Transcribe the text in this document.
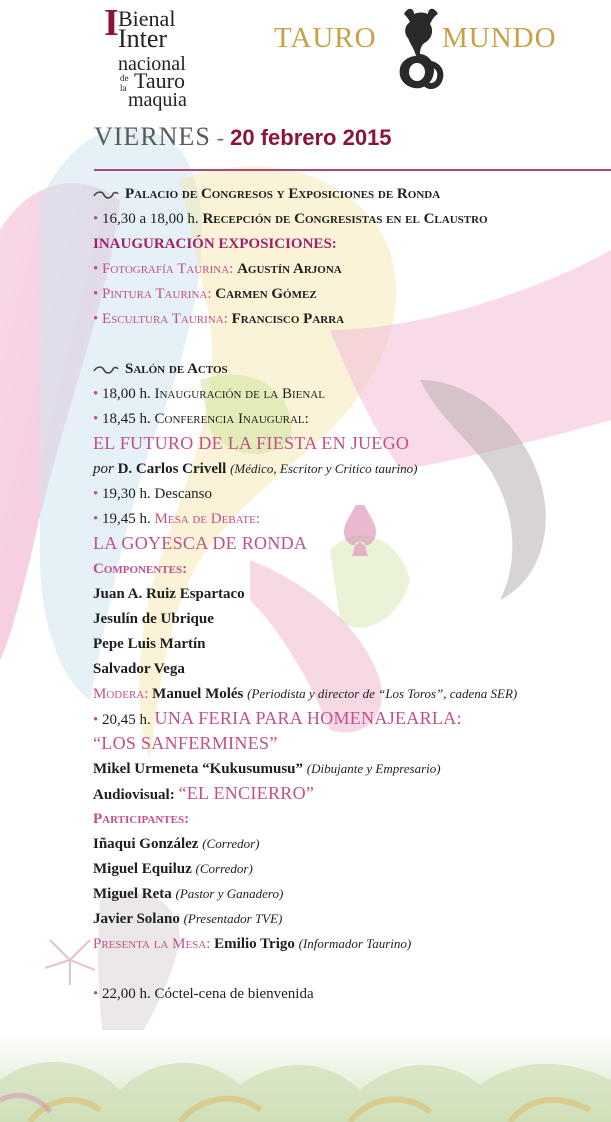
I Bienal
Inter
nacional
de
la Tauro
maquia
TAURO MUNDO
VIERNES - 20 febrero 2015
Palacio de Congresos y Exposiciones de Ronda
• 16,30 a 18,00 h. Recepción de Congresistas en el Claustro
INAUGURACIÓN EXPOSICIONES:
• Fotografía Taurina: Agustín Arjona
• Pintura Taurina: Carmen Gómez
• Escultura Taurina: Francisco Parra
Salón de Actos
• 18,00 h. Inauguración de la Bienal
• 18,45 h. Conferencia Inaugural:
EL FUTURO DE LA FIESTA EN JUEGO
por D. Carlos Crivell (Médico, Escritor y Critico taurino)
• 19,30 h. Descanso
• 19,45 h. Mesa de Debate:
LA GOYESCA DE RONDA
Componentes:
Juan A. Ruiz Espartaco
Jesulín de Ubrique
Pepe Luis Martín
Salvador Vega
Modera: Manuel Molés (Periodista y director de “Los Toros”, cadena SER)
• 20,45 h. UNA FERIA PARA HOMENAJEARLA:
“LOS SANFERMINES”
Mikel Urmeneta “Kukusumusu” (Dibujante y Empresario)
Audiovisual: “EL ENCIERRO”
Participantes:
Iñaqui González (Corredor)
Miguel Equiluz (Corredor)
Miguel Reta (Pastor y Ganadero)
Javier Solano (Presentador TVE)
Presenta la Mesa: Emilio Trigo (Informador Taurino)
• 22,00 h. Cóctel-cena de bienvenida
